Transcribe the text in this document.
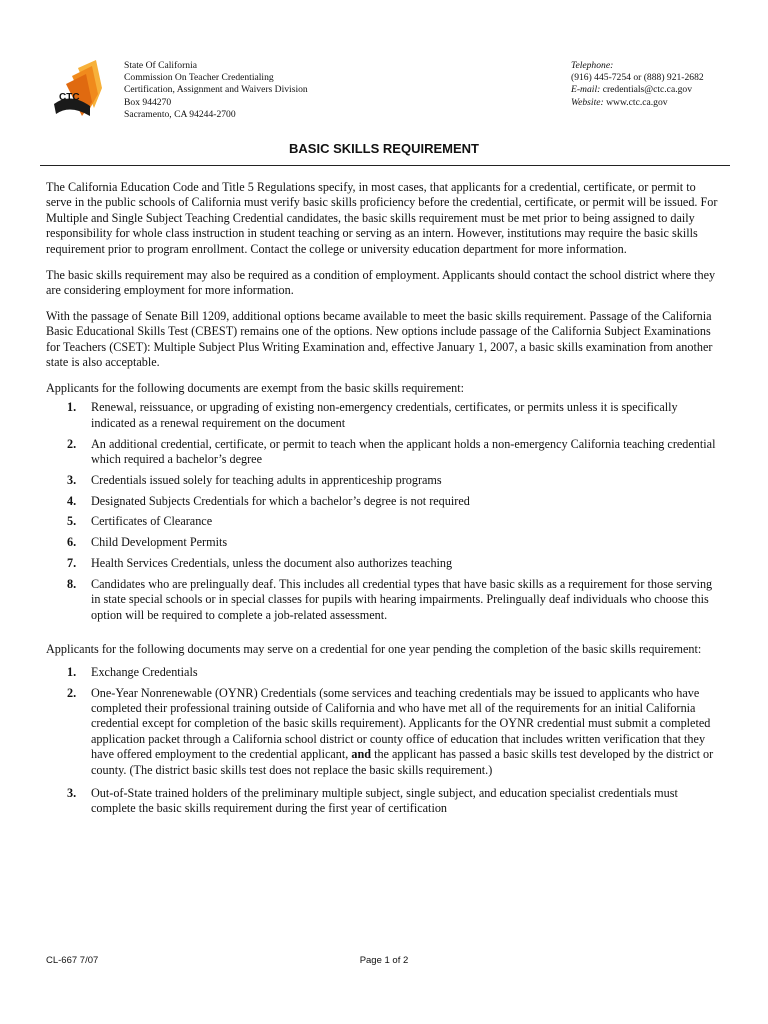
CTC
State Of California
Commission On Teacher Credentialing
Certification, Assignment and Waivers Division
Box 944270
Sacramento, CA 94244-2700
Telephone:
(916) 445-7254 or (888) 921-2682
E-mail: credentials@ctc.ca.gov
Website: www.ctc.ca.gov
BASIC SKILLS REQUIREMENT

The California Education Code and Title 5 Regulations specify, in most cases, that applicants for a credential, certificate, or permit to serve in the public schools of California must verify basic skills proficiency before the credential, certificate, or permit will be issued. For Multiple and Single Subject Teaching Credential candidates, the basic skills requirement must be met prior to being assigned to daily responsibility for whole class instruction in student teaching or serving as an intern. However, institutions may require the basic skills requirement prior to program enrollment. Contact the college or university education department for more information.

The basic skills requirement may also be required as a condition of employment. Applicants should contact the school district where they are considering employment for more information.

With the passage of Senate Bill 1209, additional options became available to meet the basic skills requirement. Passage of the California Basic Educational Skills Test (CBEST) remains one of the options. New options include passage of the California Subject Examinations for Teachers (CSET): Multiple Subject Plus Writing Examination and, effective January 1, 2007, a basic skills examination from another state is also acceptable.

Applicants for the following documents are exempt from the basic skills requirement:

1. Renewal, reissuance, or upgrading of existing non-emergency credentials, certificates, or permits unless it is specifically indicated as a renewal requirement on the document
2. An additional credential, certificate, or permit to teach when the applicant holds a non-emergency California teaching credential which required a bachelor’s degree
3. Credentials issued solely for teaching adults in apprenticeship programs
4. Designated Subjects Credentials for which a bachelor’s degree is not required
5. Certificates of Clearance
6. Child Development Permits
7. Health Services Credentials, unless the document also authorizes teaching
8. Candidates who are prelingually deaf. This includes all credential types that have basic skills as a requirement for those serving in state special schools or in special classes for pupils with hearing impairments. Prelingually deaf individuals who choose this option will be required to complete a job-related assessment.

Applicants for the following documents may serve on a credential for one year pending the completion of the basic skills requirement:

1. Exchange Credentials
2. One-Year Nonrenewable (OYNR) Credentials (some services and teaching credentials may be issued to applicants who have completed their professional training outside of California and who have met all of the requirements for an initial California credential except for completion of the basic skills requirement). Applicants for the OYNR credential must submit a completed application packet through a California school district or county office of education that includes written verification that they have offered employment to the credential applicant, and the applicant has passed a basic skills test developed by the district or county. (The district basic skills test does not replace the basic skills requirement.)
3. Out-of-State trained holders of the preliminary multiple subject, single subject, and education specialist credentials must complete the basic skills requirement during the first year of certification
CL-667 7/07	Page 1 of 2
